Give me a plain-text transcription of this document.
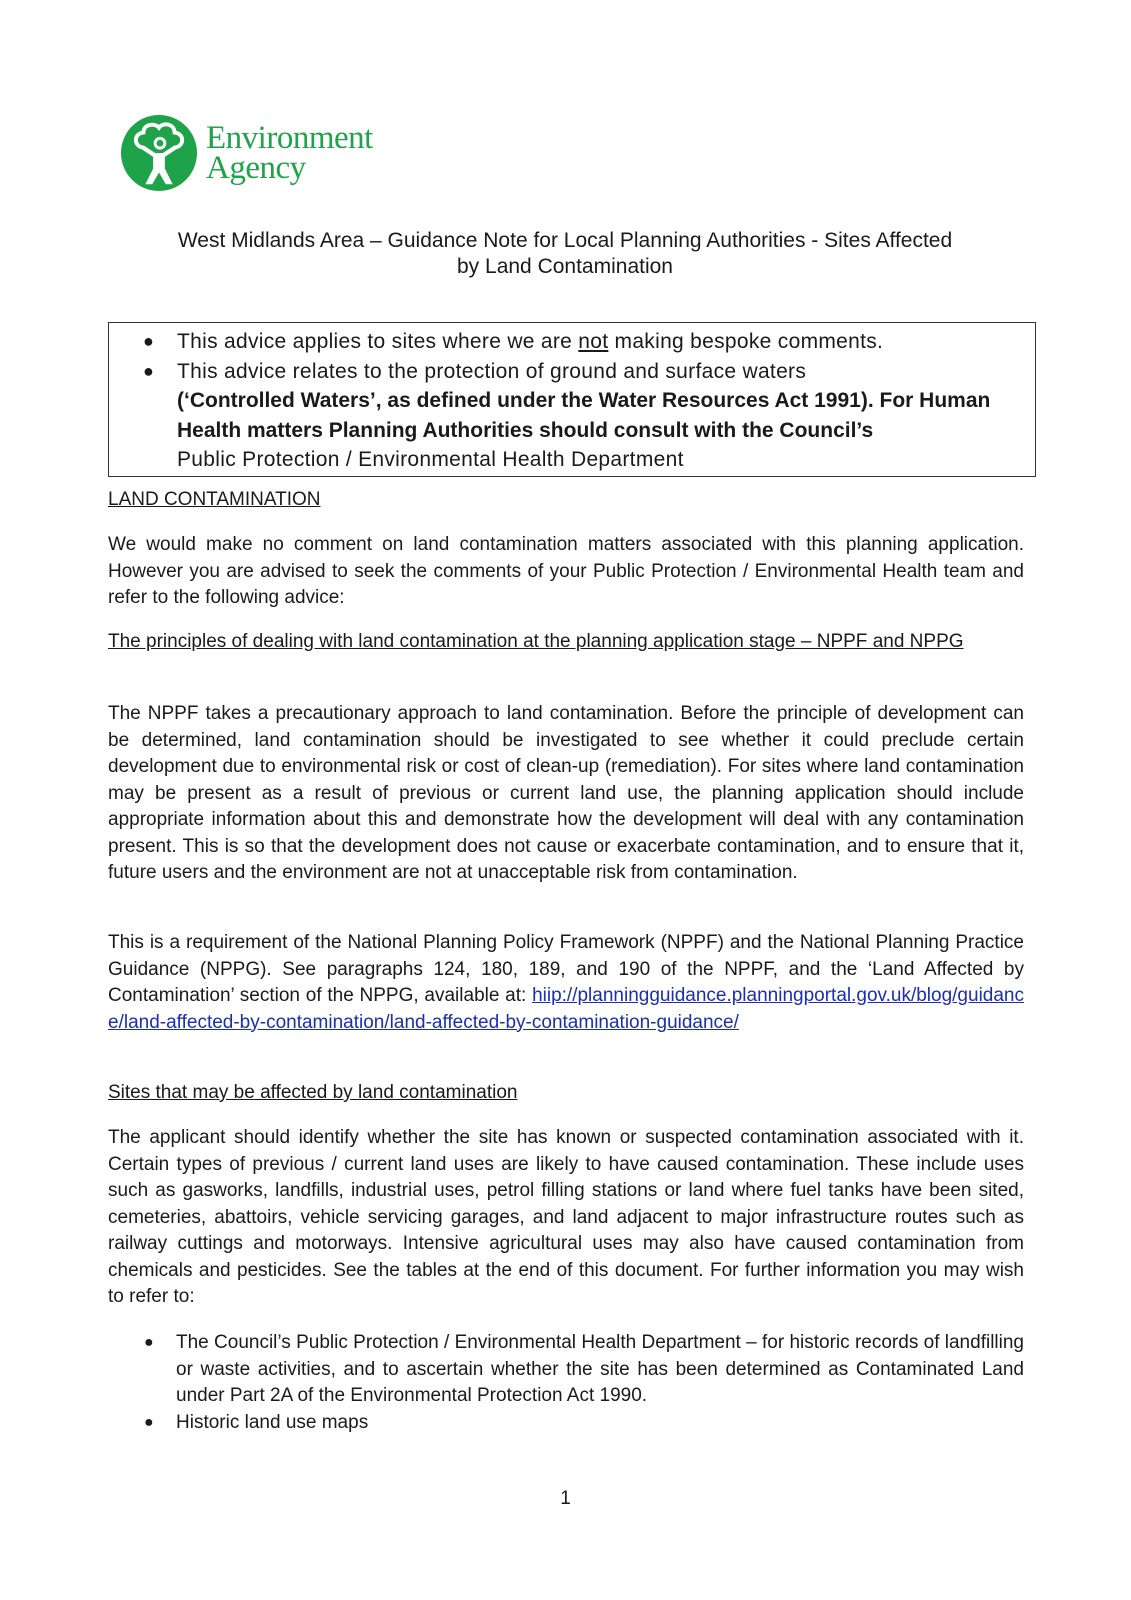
Environment
Agency
West Midlands Area – Guidance Note for Local Planning Authorities - Sites Affected
by Land Contamination
● This advice applies to sites where we are not making bespoke comments.
● This advice relates to the protection of ground and surface waters
(‘Controlled Waters’, as defined under the Water Resources Act 1991). For Human Health matters Planning Authorities should consult with the Council’s
Public Protection / Environmental Health Department
LAND CONTAMINATION
We would make no comment on land contamination matters associated with this planning application. However you are advised to seek the comments of your Public Protection / Environmental Health team and refer to the following advice:
The principles of dealing with land contamination at the planning application stage – NPPF and NPPG
The NPPF takes a precautionary approach to land contamination. Before the principle of development can be determined, land contamination should be investigated to see whether it could preclude certain development due to environmental risk or cost of clean-up (remediation). For sites where land contamination may be present as a result of previous or current land use, the planning application should include appropriate information about this and demonstrate how the development will deal with any contamination present. This is so that the development does not cause or exacerbate contamination, and to ensure that it, future users and the environment are not at unacceptable risk from contamination.
This is a requirement of the National Planning Policy Framework (NPPF) and the National Planning Practice Guidance (NPPG). See paragraphs 124, 180, 189, and 190 of the NPPF, and the ‘Land Affected by Contamination’ section of the NPPG, available at: hiip://planningguidance.planningportal.gov.uk/blog/guidance/land-affected-by-contamination/land-affected-by-contamination-guidance/
Sites that may be affected by land contamination
The applicant should identify whether the site has known or suspected contamination associated with it. Certain types of previous / current land uses are likely to have caused contamination. These include uses such as gasworks, landfills, industrial uses, petrol filling stations or land where fuel tanks have been sited, cemeteries, abattoirs, vehicle servicing garages, and land adjacent to major infrastructure routes such as railway cuttings and motorways. Intensive agricultural uses may also have caused contamination from chemicals and pesticides. See the tables at the end of this document. For further information you may wish to refer to:
● The Council’s Public Protection / Environmental Health Department – for historic records of landfilling or waste activities, and to ascertain whether the site has been determined as Contaminated Land under Part 2A of the Environmental Protection Act 1990.
● Historic land use maps
1
